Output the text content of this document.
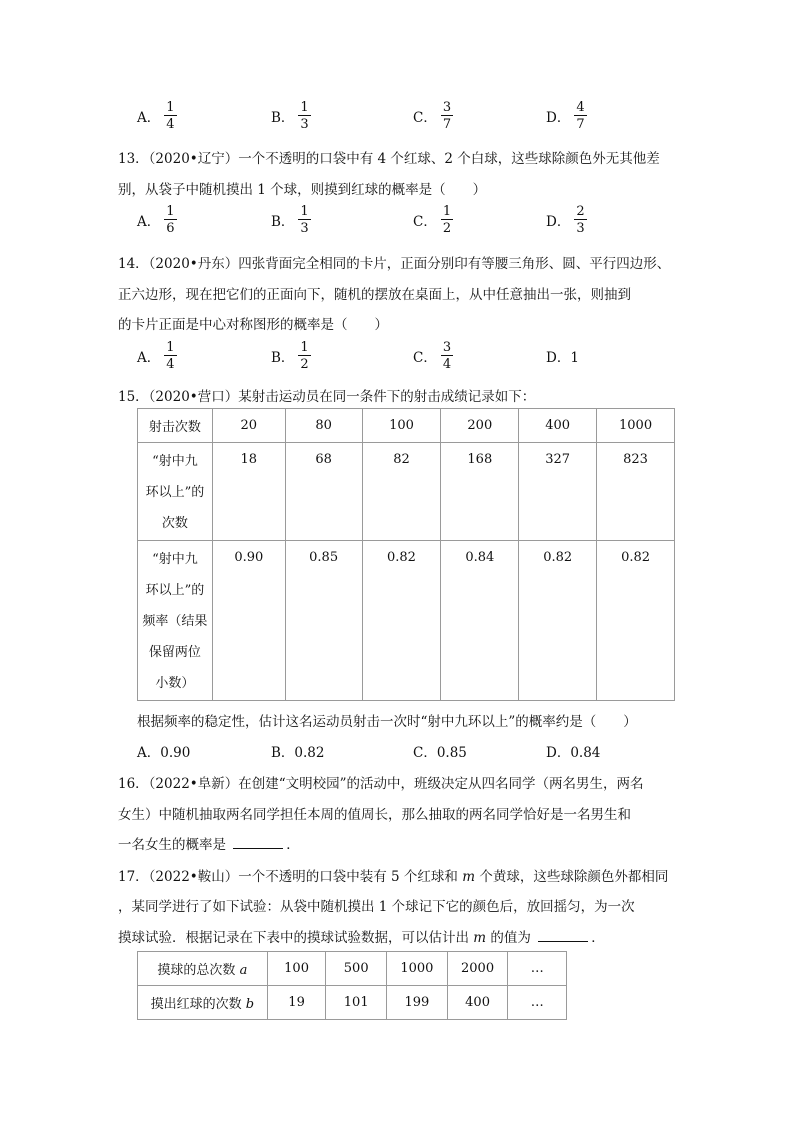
A． $\frac{1}{4}$	B． $\frac{1}{3}$	C． $\frac{3}{7}$	D． $\frac{4}{7}$
13．（2020•辽宁）一个不透明的口袋中有 4 个红球、2 个白球，这些球除颜色外无其他差
别，从袋子中随机摸出 1 个球，则摸到红球的概率是（　　）
A． $\frac{1}{6}$	B． $\frac{1}{3}$	C． $\frac{1}{2}$	D． $\frac{2}{3}$
14．（2020•丹东）四张背面完全相同的卡片，正面分别印有等腰三角形、圆、平行四边形、
正六边形，现在把它们的正面向下，随机的摆放在桌面上，从中任意抽出一张，则抽到
的卡片正面是中心对称图形的概率是（　　）
A． $\frac{1}{4}$	B． $\frac{1}{2}$	C． $\frac{3}{4}$	D．1
15．（2020•营口）某射击运动员在同一条件下的射击成绩记录如下：
射击次数	20	80	100	200	400	1000

“射中九
环以上”的
次数	18	68	82	168	327	823

“射中九
环以上”的
频率（结果
保留两位
小数）	0.90	0.85	0.82	0.84	0.82	0.82
根据频率的稳定性，估计这名运动员射击一次时“射中九环以上”的概率约是（　　）
A．0.90	B．0.82	C．0.85	D．0.84
16．（2022•阜新）在创建“文明校园”的活动中，班级决定从四名同学（两名男生，两名
女生）中随机抽取两名同学担任本周的值周长，那么抽取的两名同学恰好是一名男生和
一名女生的概率是	．
17．（2022•鞍山）一个不透明的口袋中装有 5 个红球和 m 个黄球，这些球除颜色外都相同
，某同学进行了如下试验：从袋中随机摸出 1 个球记下它的颜色后，放回摇匀，为一次
摸球试验．根据记录在下表中的摸球试验数据，可以估计出 m 的值为	．
摸球的总次数 a	100	500	1000	2000	…
摸出红球的次数 b	19	101	199	400	…
